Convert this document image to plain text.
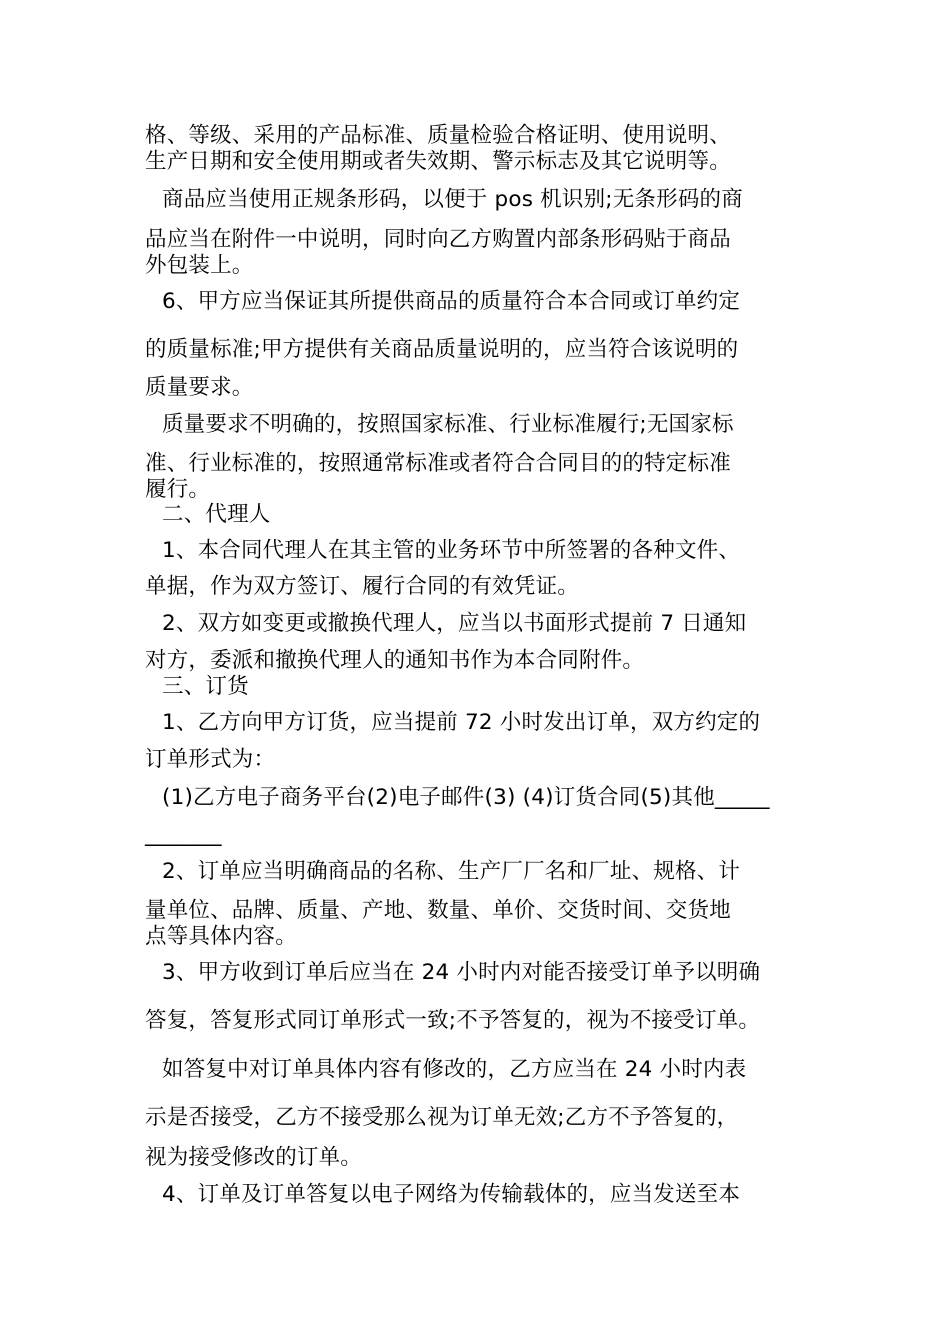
格、等级、采用的产品标准、质量检验合格证明、使用说明、
生产日期和安全使用期或者失效期、警示标志及其它说明等。
商品应当使用正规条形码，以便于 pos 机识别;无条形码的商
品应当在附件一中说明，同时向乙方购置内部条形码贴于商品
外包装上。
6、甲方应当保证其所提供商品的质量符合本合同或订单约定
的质量标准;甲方提供有关商品质量说明的，应当符合该说明的
质量要求。
质量要求不明确的，按照国家标准、行业标准履行;无国家标
准、行业标准的，按照通常标准或者符合合同目的的特定标准
履行。
二、代理人
1、本合同代理人在其主管的业务环节中所签署的各种文件、
单据，作为双方签订、履行合同的有效凭证。
2、双方如变更或撤换代理人，应当以书面形式提前 7 日通知
对方，委派和撤换代理人的通知书作为本合同附件。
三、订货
1、乙方向甲方订货，应当提前 72 小时发出订单，双方约定的
订单形式为：
(1)乙方电子商务平台(2)电子邮件(3) (4)订货合同(5)其他_____
_______
2、订单应当明确商品的名称、生产厂厂名和厂址、规格、计
量单位、品牌、质量、产地、数量、单价、交货时间、交货地
点等具体内容。
3、甲方收到订单后应当在 24 小时内对能否接受订单予以明确
答复，答复形式同订单形式一致;不予答复的，视为不接受订单。
如答复中对订单具体内容有修改的，乙方应当在 24 小时内表
示是否接受，乙方不接受那么视为订单无效;乙方不予答复的，
视为接受修改的订单。
4、订单及订单答复以电子网络为传输载体的，应当发送至本
